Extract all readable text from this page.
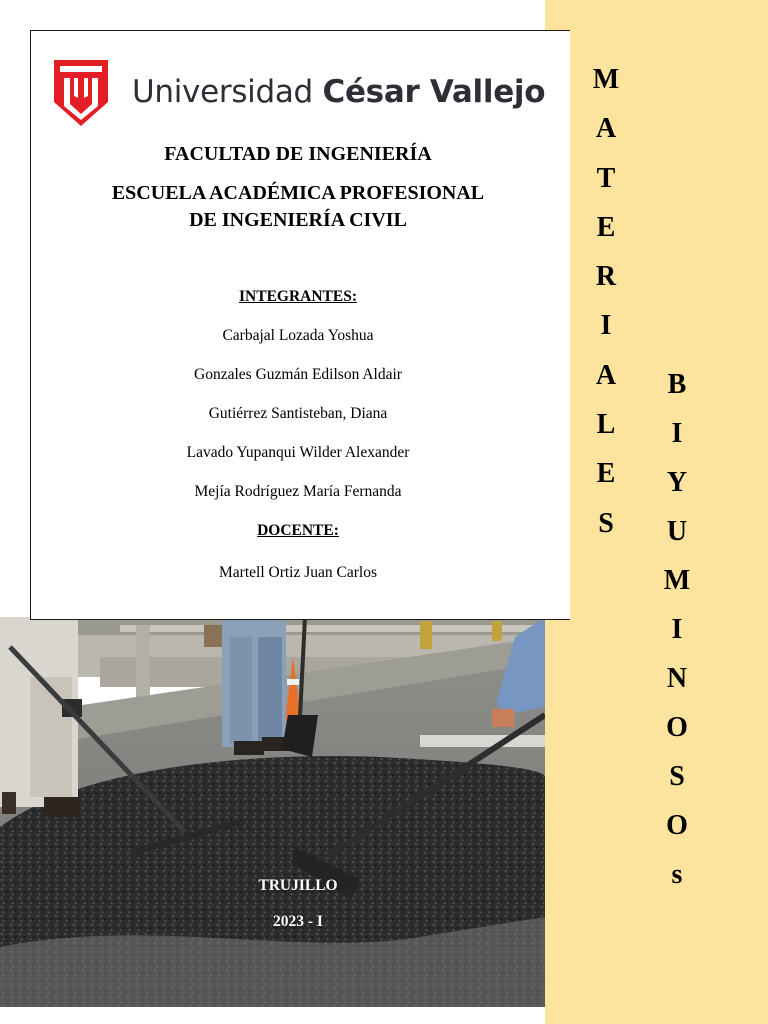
M
A
T
E
R
I
A
L
E
S
B
I
Y
U
M
I
N
O
S
O
s
Universidad César Vallejo
FACULTAD DE INGENIERÍA
ESCUELA ACADÉMICA PROFESIONAL
DE INGENIERÍA CIVIL
INTEGRANTES:
Carbajal Lozada Yoshua
Gonzales Guzmán Edilson Aldair
Gutiérrez Santisteban, Diana
Lavado Yupanqui Wilder Alexander
Mejía Rodríguez María Fernanda
DOCENTE:
Martell Ortiz Juan Carlos
TRUJILLO
2023 - I
